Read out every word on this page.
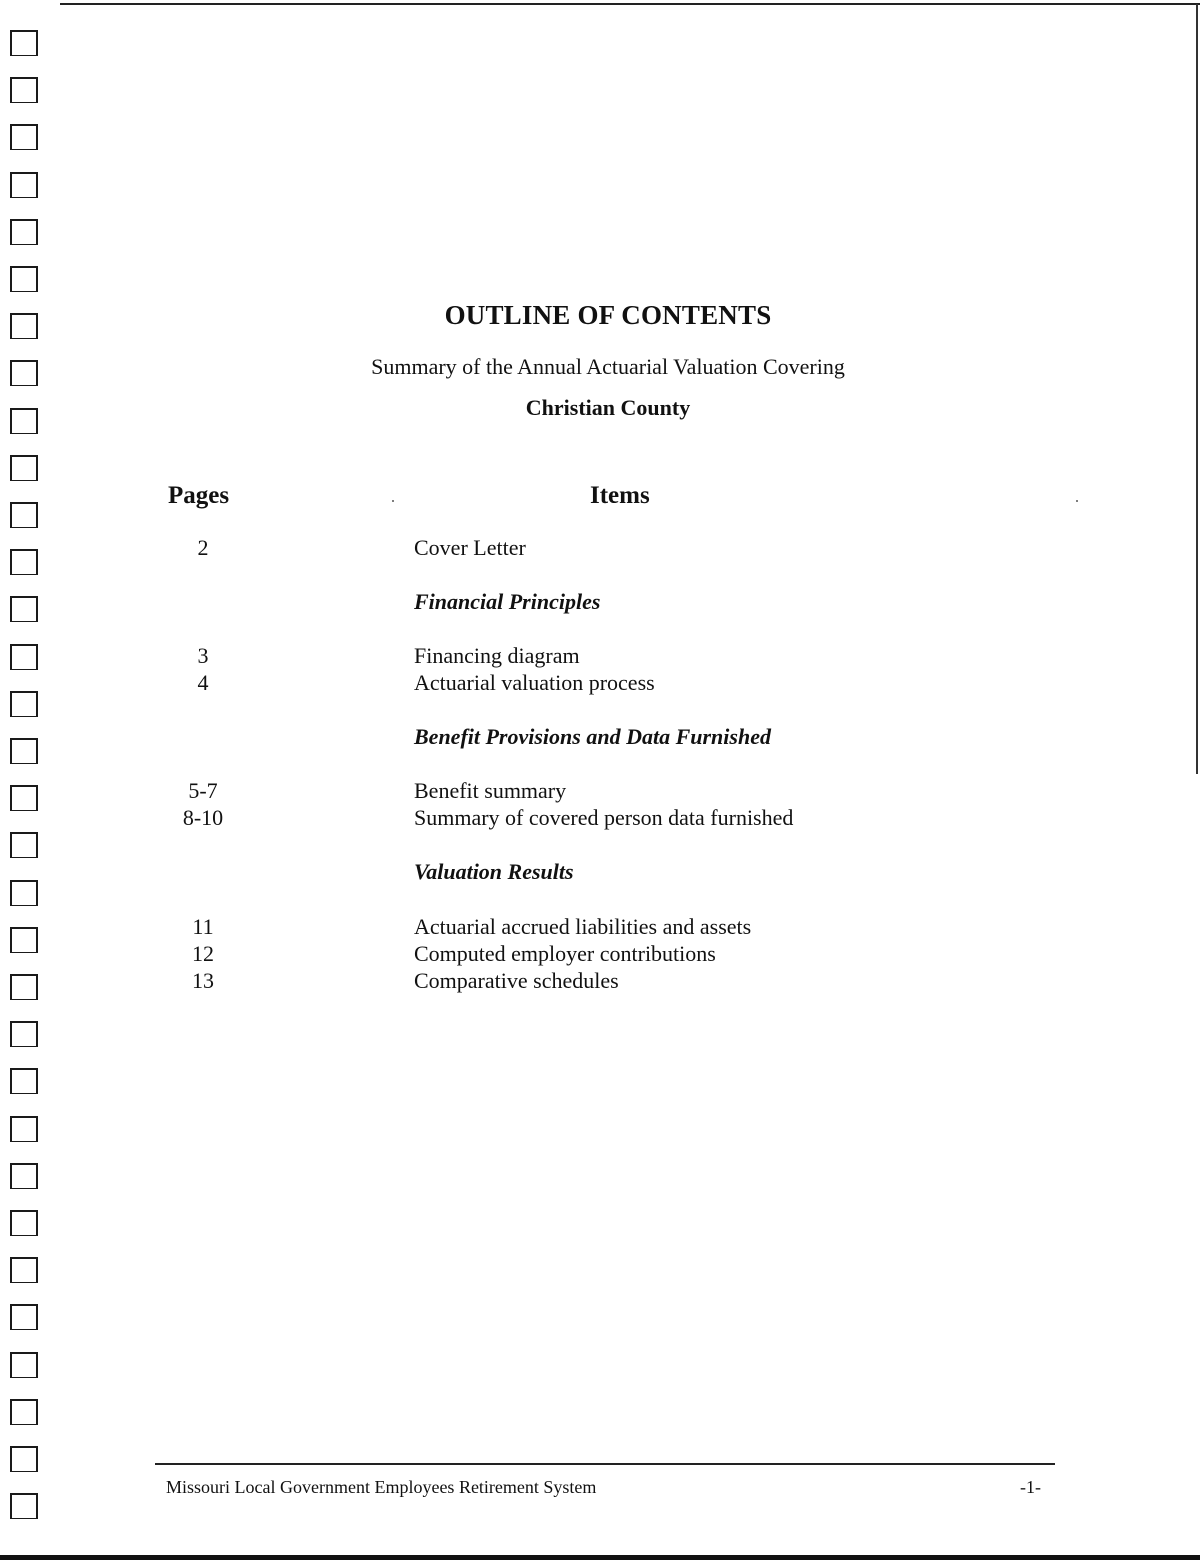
OUTLINE OF CONTENTS
Summary of the Annual Actuarial Valuation Covering
Christian County
Pages	Items
2	Cover Letter
Financial Principles
3	Financing diagram
4	Actuarial valuation process
Benefit Provisions and Data Furnished
5-7	Benefit summary
8-10	Summary of covered person data furnished
Valuation Results
11	Actuarial accrued liabilities and assets
12	Computed employer contributions
13	Comparative schedules
Missouri Local Government Employees Retirement System	-1-
